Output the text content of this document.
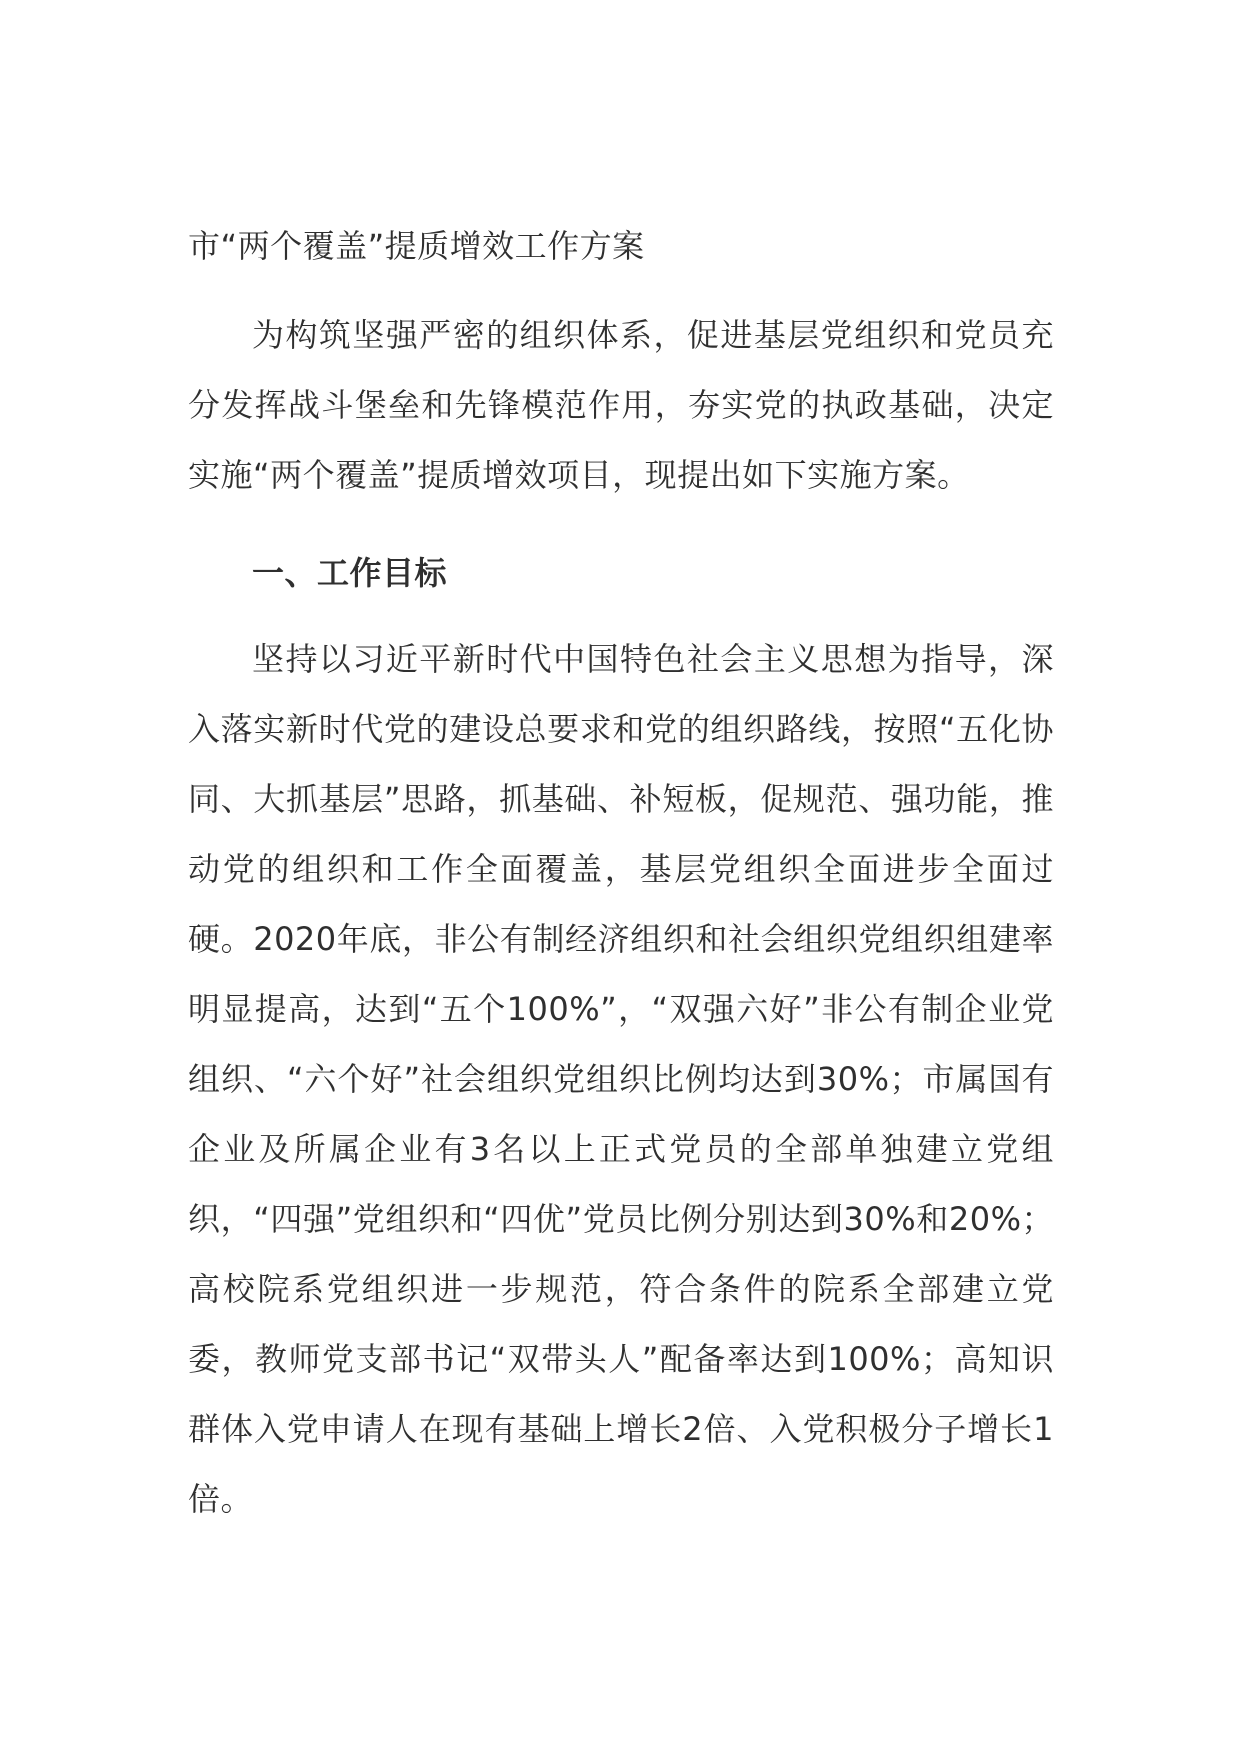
市“两个覆盖”提质增效工作方案

为构筑坚强严密的组织体系，促进基层党组织和党员充分发挥战斗堡垒和先锋模范作用，夯实党的执政基础，决定实施“两个覆盖”提质增效项目，现提出如下实施方案。

一、工作目标

坚持以习近平新时代中国特色社会主义思想为指导，深入落实新时代党的建设总要求和党的组织路线，按照“五化协同、大抓基层”思路，抓基础、补短板，促规范、强功能，推动党的组织和工作全面覆盖，基层党组织全面进步全面过硬。2020年底，非公有制经济组织和社会组织党组织组建率明显提高，达到“五个100%”，“双强六好”非公有制企业党组织、“六个好”社会组织党组织比例均达到30%；市属国有企业及所属企业有3名以上正式党员的全部单独建立党组织，“四强”党组织和“四优”党员比例分别达到30%和20%；高校院系党组织进一步规范，符合条件的院系全部建立党委，教师党支部书记“双带头人”配备率达到100%；高知识群体入党申请人在现有基础上增长2倍、入党积极分子增长1倍。
